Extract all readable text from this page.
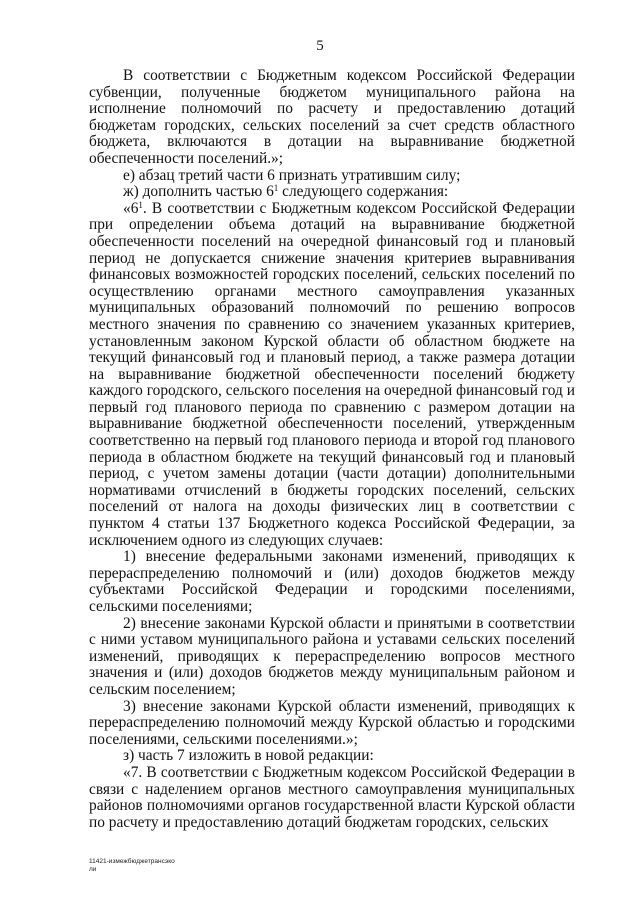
5

В соответствии с Бюджетным кодексом Российской Федерации субвенции, полученные бюджетом муниципального района на исполнение полномочий по расчету и предоставлению дотаций бюджетам городских, сельских поселений за счет средств областного бюджета, включаются в дотации на выравнивание бюджетной обеспеченности поселений.»;

е) абзац третий части 6 признать утратившим силу;

ж) дополнить частью $6^1$ следующего содержания:

«$6^1$. В соответствии с Бюджетным кодексом Российской Федерации при определении объема дотаций на выравнивание бюджетной обеспеченности поселений на очередной финансовый год и плановый период не допускается снижение значения критериев выравнивания финансовых возможностей городских поселений, сельских поселений по осуществлению органами местного самоуправления указанных муниципальных образований полномочий по решению вопросов местного значения по сравнению со значением указанных критериев, установленным законом Курской области об областном бюджете на текущий финансовый год и плановый период, а также размера дотации на выравнивание бюджетной обеспеченности поселений бюджету каждого городского, сельского поселения на очередной финансовый год и первый год планового периода по сравнению с размером дотации на выравнивание бюджетной обеспеченности поселений, утвержденным соответственно на первый год планового периода и второй год планового периода в областном бюджете на текущий финансовый год и плановый период, с учетом замены дотации (части дотации) дополнительными нормативами отчислений в бюджеты городских поселений, сельских поселений от налога на доходы физических лиц в соответствии с пунктом 4 статьи 137 Бюджетного кодекса Российской Федерации, за исключением одного из следующих случаев:

1) внесение федеральными законами изменений, приводящих к перераспределению полномочий и (или) доходов бюджетов между субъектами Российской Федерации и городскими поселениями, сельскими поселениями;

2) внесение законами Курской области и принятыми в соответствии с ними уставом муниципального района и уставами сельских поселений изменений, приводящих к перераспределению вопросов местного значения и (или) доходов бюджетов между муниципальным районом и сельским поселением;

3) внесение законами Курской области изменений, приводящих к перераспределению полномочий между Курской областью и городскими поселениями, сельскими поселениями.»;

з) часть 7 изложить в новой редакции:

«7. В соответствии с Бюджетным кодексом Российской Федерации в связи с наделением органов местного самоуправления муниципальных районов полномочиями органов государственной власти Курской области по расчету и предоставлению дотаций бюджетам городских, сельских

11421-измежбюджетрансэко
ли
